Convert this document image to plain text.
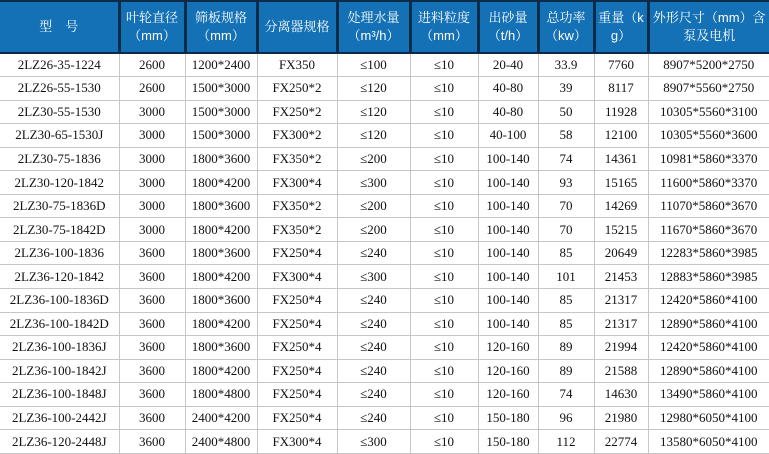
型　号	叶轮直径（mm）	筛板规格（mm）	分离器规格	处理水量（m³/h）	进料粒度（mm）	出砂量（t/h）	总功率（kw）	重量（kg）	外形尺寸（mm）含泵及电机
2LZ26-35-1224	2600	1200*2400	FX350	≤100	≤10	20-40	33.9	7760	8907*5200*2750
2LZ26-55-1530	2600	1500*3000	FX250*2	≤120	≤10	40-80	39	8117	8907*5560*2750
2LZ30-55-1530	3000	1500*3000	FX250*2	≤120	≤10	40-80	50	11928	10305*5560*3100
2LZ30-65-1530J	3000	1500*3000	FX300*2	≤120	≤10	40-100	58	12100	10305*5560*3600
2LZ30-75-1836	3000	1800*3600	FX350*2	≤200	≤10	100-140	74	14361	10981*5860*3370
2LZ30-120-1842	3000	1800*4200	FX300*4	≤300	≤10	100-140	93	15165	11600*5860*3370
2LZ30-75-1836D	3000	1800*3600	FX350*2	≤200	≤10	100-140	70	14269	11070*5860*3670
2LZ30-75-1842D	3000	1800*4200	FX350*2	≤200	≤10	100-140	70	15215	11670*5860*3670
2LZ36-100-1836	3600	1800*3600	FX250*4	≤240	≤10	100-140	85	20649	12283*5860*3985
2LZ36-120-1842	3600	1800*4200	FX300*4	≤300	≤10	100-140	101	21453	12883*5860*3985
2LZ36-100-1836D	3600	1800*3600	FX250*4	≤240	≤10	100-140	85	21317	12420*5860*4100
2LZ36-100-1842D	3600	1800*4200	FX250*4	≤240	≤10	100-140	85	21317	12890*5860*4100
2LZ36-100-1836J	3600	1800*3600	FX250*4	≤240	≤10	120-160	89	21994	12420*5860*4100
2LZ36-100-1842J	3600	1800*4200	FX250*4	≤240	≤10	120-160	89	21588	12890*5860*4100
2LZ36-100-1848J	3600	1800*4800	FX250*4	≤240	≤10	120-160	74	14630	13490*5860*4100
2LZ36-100-2442J	3600	2400*4200	FX250*4	≤240	≤10	150-180	96	21980	12980*6050*4100
2LZ36-120-2448J	3600	2400*4800	FX300*4	≤300	≤10	150-180	112	22774	13580*6050*4100
